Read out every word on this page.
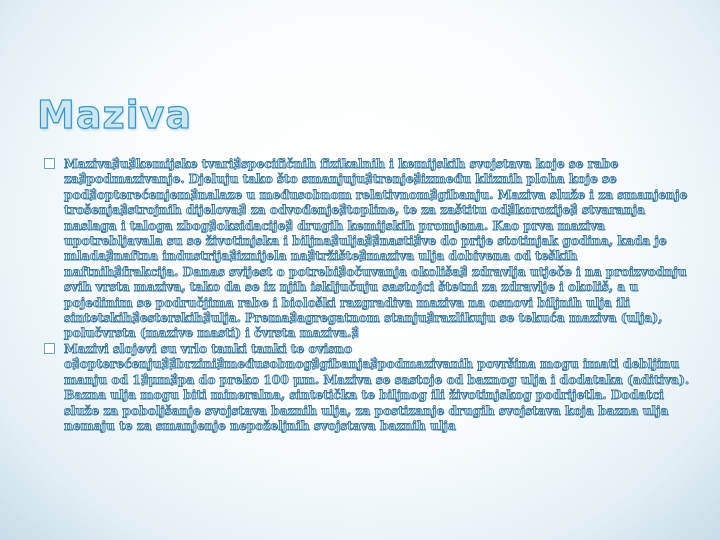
Maziva
Maziva∄u∄kemijske tvari∄specifičnih fizikalnih i kemijskih svojstava koje se rabe za∄podmazivanje. Djeluju tako što smanjuju∄trenje∄između kliznih ploha koje se pod∄opterećenjem∄nalaze u međusobnom relativnom∄gibanju. Maziva služe i za smanjenje trošenja∄strojnih dijelova∄ za odvođenje∄topline, te za zaštitu od∄korozije∄ stvaranja naslaga i taloga zbog∄oksidacije∄ drugih kemijskih promjena. Kao prva maziva upotrebljavala su se životinjska i biljna∄ulja∄∄nasti∄ve do prije stotinjak godina, kada je mlada∄naftna industrija∄iznijela na∄tržište∄maziva ulja dobivena od teških naftnih∄frakcija. Danas svijest o potrebi∄očuvanja okoliša∄ zdravlja utječe i na proizvodnju svih vrsta maziva, tako da se iz njih isključuju sastojci štetni za zdravlje i okoliš, a u pojedinim se područjima rabe i biološki razgradiva maziva na osnovi biljnih ulja ili sintetskih∄esterskih∄ulja. Prema∄agregatnom stanju∄razlikuju se tekuća maziva (ulja), polučvrsta (mazive masti) i čvrsta maziva.∄
Mazivi slojevi su vrlo tanki tanki te ovisno o∄opterećenju∄∄brzini∄međusobnog∄gibanja∄podmazivanih površina mogu imati debljinu manju od 1∄μm∄pa do preko 100 μm. Maziva se sastoje od baznog ulja i dodataka (aditiva). Bazna ulja mogu biti mineralna, sintetička te biljnog ili životinjskog podrijetla. Dodatci služe za poboljšanje svojstava baznih ulja, za postizanje drugih svojstava koja bazna ulja nemaju te za smanjenje nepoželjnih svojstava baznih ulja
